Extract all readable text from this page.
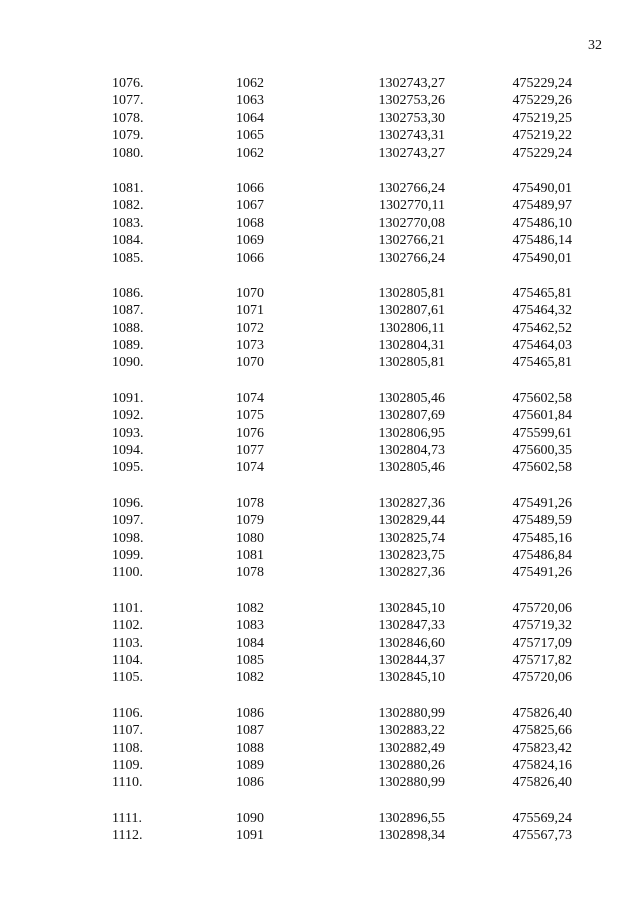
32
1076.	1062	1302743,27	475229,24
1077.	1063	1302753,26	475229,26
1078.	1064	1302753,30	475219,25
1079.	1065	1302743,31	475219,22
1080.	1062	1302743,27	475229,24
1081.	1066	1302766,24	475490,01
1082.	1067	1302770,11	475489,97
1083.	1068	1302770,08	475486,10
1084.	1069	1302766,21	475486,14
1085.	1066	1302766,24	475490,01
1086.	1070	1302805,81	475465,81
1087.	1071	1302807,61	475464,32
1088.	1072	1302806,11	475462,52
1089.	1073	1302804,31	475464,03
1090.	1070	1302805,81	475465,81
1091.	1074	1302805,46	475602,58
1092.	1075	1302807,69	475601,84
1093.	1076	1302806,95	475599,61
1094.	1077	1302804,73	475600,35
1095.	1074	1302805,46	475602,58
1096.	1078	1302827,36	475491,26
1097.	1079	1302829,44	475489,59
1098.	1080	1302825,74	475485,16
1099.	1081	1302823,75	475486,84
1100.	1078	1302827,36	475491,26
1101.	1082	1302845,10	475720,06
1102.	1083	1302847,33	475719,32
1103.	1084	1302846,60	475717,09
1104.	1085	1302844,37	475717,82
1105.	1082	1302845,10	475720,06
1106.	1086	1302880,99	475826,40
1107.	1087	1302883,22	475825,66
1108.	1088	1302882,49	475823,42
1109.	1089	1302880,26	475824,16
1110.	1086	1302880,99	475826,40
1111.	1090	1302896,55	475569,24
1112.	1091	1302898,34	475567,73
